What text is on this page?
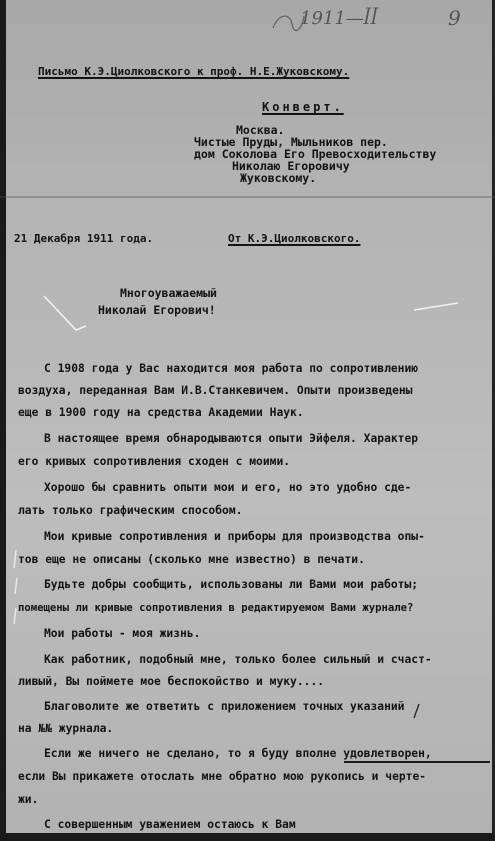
1911—ꟾꟾ	9
Письмо К.Э.Циолковского к проф. Н.Е.Жуковскому.
Конверт.
Москва.
Чистые Пруды, Мыльников пер.
дом Соколова Его Превосходительству
Николаю Егоровичу
Жуковскому.
21 Декабря 1911 года.	От К.Э.Циолковского.
Многоуважаемый
Николай Егорович!
С 1908 года у Вас находится моя работа по сопротивлению
воздуха, переданная Вам И.В.Станкевичем. Опыти произведены
еще в 1900 году на средства Академии Наук.
В настоящее время обнародываются опыти Эйфеля. Характер
его кривых сопротивления сходен с моими.
Хорошо бы сравнить опыти мои и его, но это удобно сде-
лать только графическим способом.
Мои кривые сопротивления и приборы для производства опы-
тов еще не описаны (сколько мне известно) в печати.
Будьте добры сообщить, использованы ли Вами мои работы;
помещены ли кривые сопротивления в редактируемом Вами журнале?
Мои работы - моя жизнь.
Как работник, подобный мне, только более сильный и счаст-
ливый, Вы поймете мое беспокойство и муку....
Благоволите же ответить с приложением точных указаний
на №№ журнала.
Если же ничего не сделано, то я буду вполне удовлетворен,
если Вы прикажете отослать мне обратно мою рукопись и черте-
жи.
С совершенным уважением остаюсь к Вам
